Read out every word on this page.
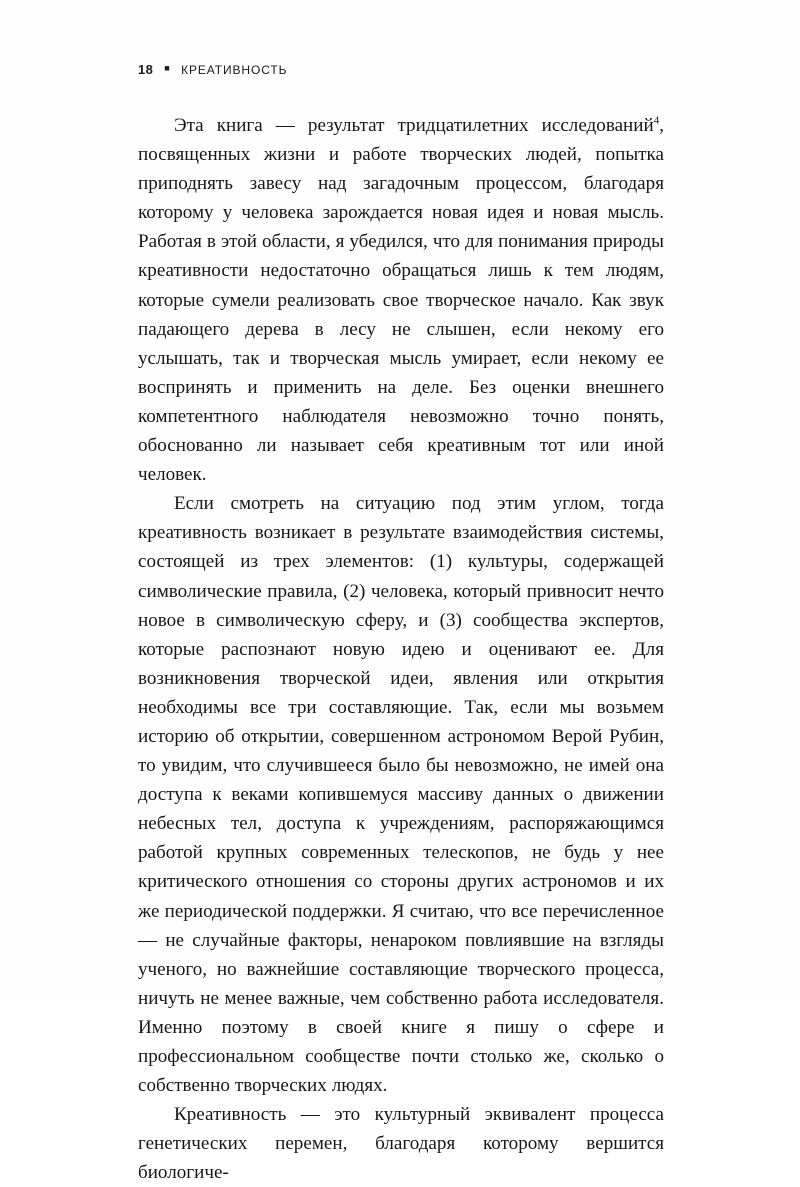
18 ■ КРЕАТИВНОСТЬ

Эта книга — результат тридцатилетних исследований$^4$, посвященных жизни и работе творческих людей, попытка приподнять завесу над загадочным процессом, благодаря которому у человека зарождается новая идея и новая мысль. Работая в этой области, я убедился, что для понимания природы креативности недостаточно обращаться лишь к тем людям, которые сумели реализовать свое творческое начало. Как звук падающего дерева в лесу не слышен, если некому его услышать, так и творческая мысль умирает, если некому ее воспринять и применить на деле. Без оценки внешнего компетентного наблюдателя невозможно точно понять, обоснованно ли называет себя креативным тот или иной человек.

Если смотреть на ситуацию под этим углом, тогда креативность возникает в результате взаимодействия системы, состоящей из трех элементов: (1) культуры, содержащей символические правила, (2) человека, который привносит нечто новое в символическую сферу, и (3) сообщества экспертов, которые распознают новую идею и оценивают ее. Для возникновения творческой идеи, явления или открытия необходимы все три составляющие. Так, если мы возьмем историю об открытии, совершенном астрономом Верой Рубин, то увидим, что случившееся было бы невозможно, не имей она доступа к веками копившемуся массиву данных о движении небесных тел, доступа к учреждениям, распоряжающимся работой крупных современных телескопов, не будь у нее критического отношения со стороны других астрономов и их же периодической поддержки. Я считаю, что все перечисленное — не случайные факторы, ненароком повлиявшие на взгляды ученого, но важнейшие составляющие творческого процесса, ничуть не менее важные, чем собственно работа исследователя. Именно поэтому в своей книге я пишу о сфере и профессиональном сообществе почти столько же, сколько о собственно творческих людях.

Креативность — это культурный эквивалент процесса генетических перемен, благодаря которому вершится биологиче-
